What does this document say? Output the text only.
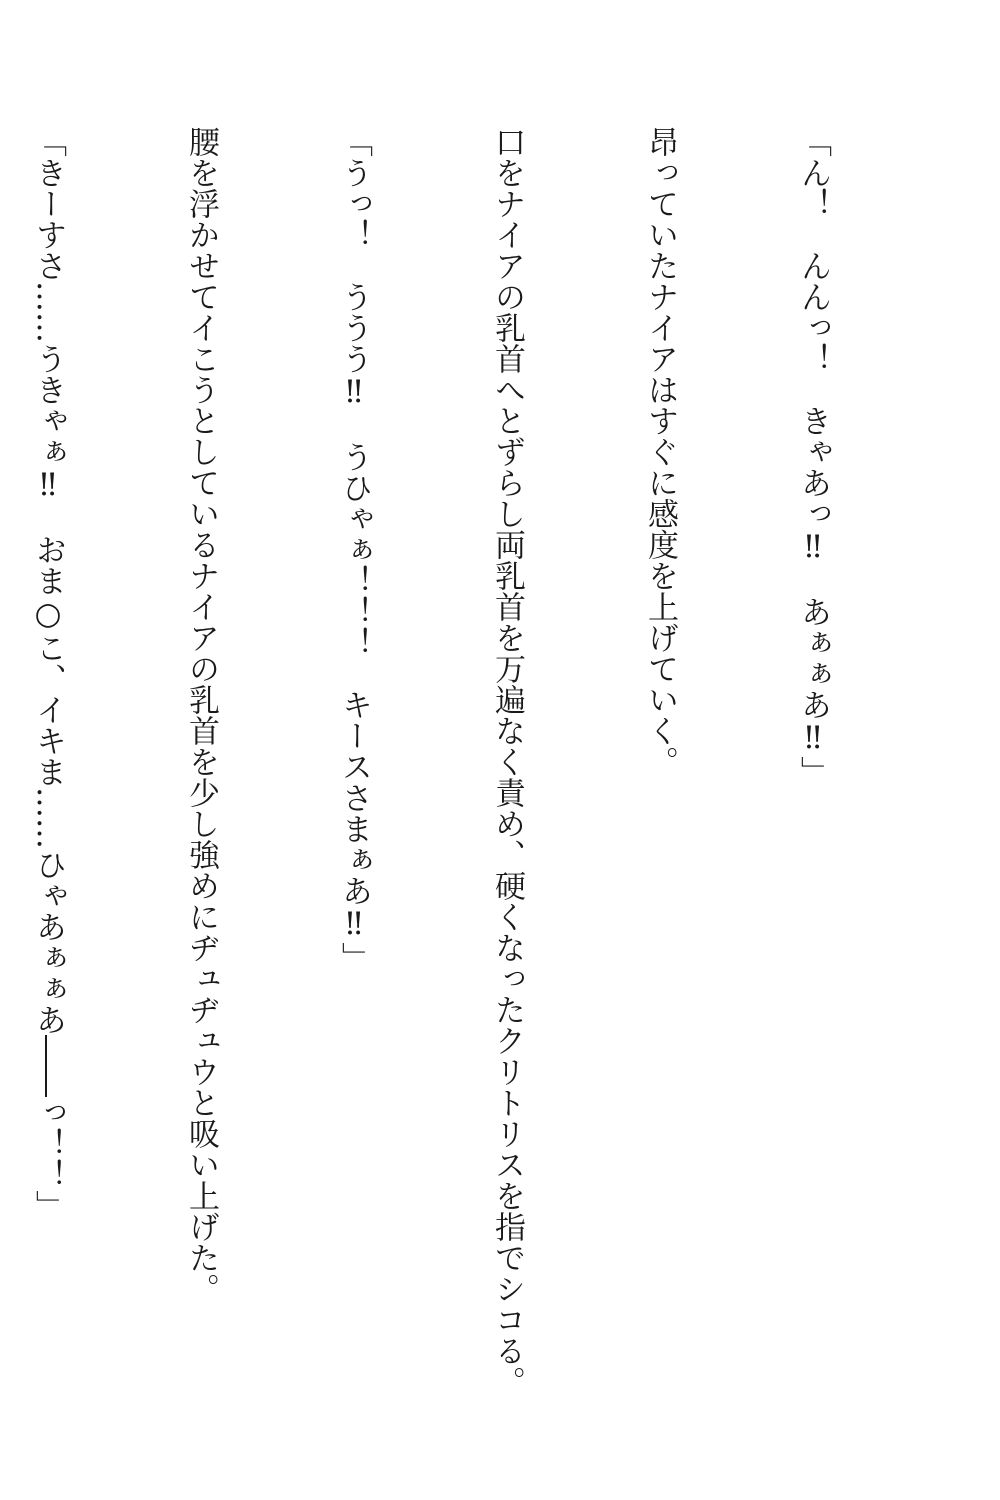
「ん！　んんっ！　きゃあっ‼　あぁぁあ‼」

昂っていたナイアはすぐに感度を上げていく。

口をナイアの乳首へとずらし両乳首を万遍なく責め、硬くなったクリトリスを指でシコる。

「うっ！　ううう‼　うひゃぁ！！！　キースさまぁあ‼」

腰を浮かせてイこうとしているナイアの乳首を少し強めにヂュヂュウと吸い上げた。

「きーすさ……うきゃぁ‼　おま○こ、イキま……ひゃあぁぁあ――っ！！」
